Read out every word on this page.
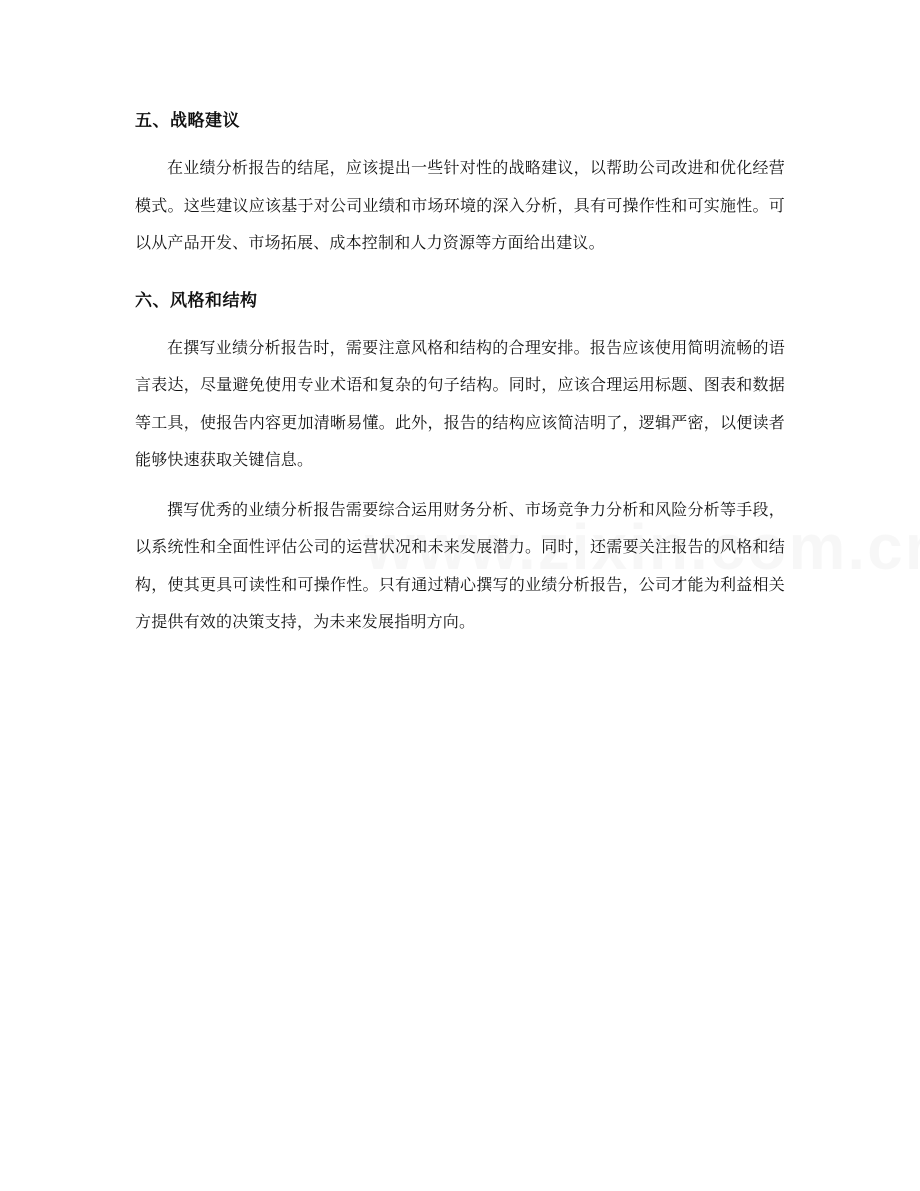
五、战略建议

在业绩分析报告的结尾，应该提出一些针对性的战略建议，以帮助公司改进和优化经营模式。这些建议应该基于对公司业绩和市场环境的深入分析，具有可操作性和可实施性。可以从产品开发、市场拓展、成本控制和人力资源等方面给出建议。

六、风格和结构

在撰写业绩分析报告时，需要注意风格和结构的合理安排。报告应该使用简明流畅的语言表达，尽量避免使用专业术语和复杂的句子结构。同时，应该合理运用标题、图表和数据等工具，使报告内容更加清晰易懂。此外，报告的结构应该简洁明了，逻辑严密，以便读者能够快速获取关键信息。

撰写优秀的业绩分析报告需要综合运用财务分析、市场竞争力分析和风险分析等手段，以系统性和全面性评估公司的运营状况和未来发展潜力。同时，还需要关注报告的风格和结构，使其更具可读性和可操作性。只有通过精心撰写的业绩分析报告，公司才能为利益相关方提供有效的决策支持，为未来发展指明方向。
